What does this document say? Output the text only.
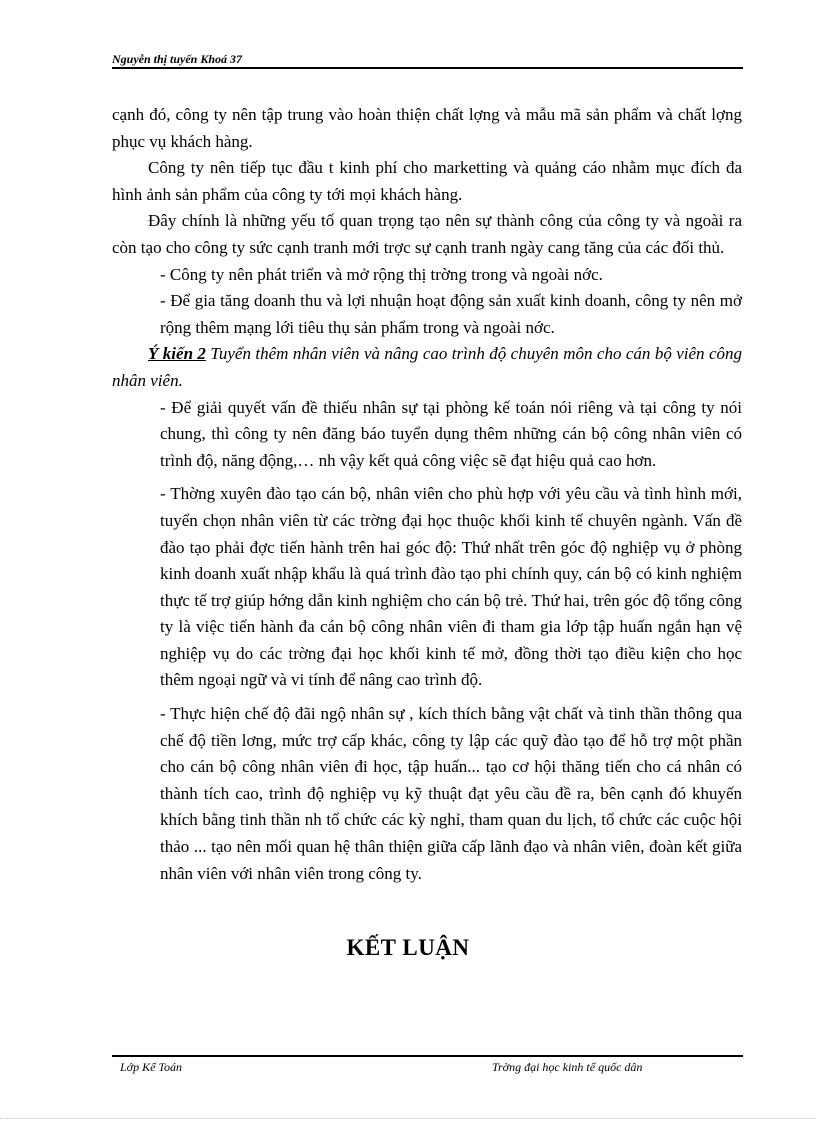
Nguyễn thị tuyến Khoá 37

cạnh đó, công ty nên tập trung vào hoàn thiện chất lợng và mẫu mã sản phẩm và chất lợng phục vụ khách hàng.

Công ty nên tiếp tục đầu t kinh phí cho marketting và quảng cáo nhằm mục đích đa hình ảnh sản phẩm của công ty tới mọi khách hàng.

Đây chính là những yếu tố quan trọng tạo nên sự thành công của công ty và ngoài ra còn tạo cho công ty sức cạnh tranh mới trợc sự cạnh tranh ngày cang tăng của các đối thủ.

- Công ty nên phát triển và mở rộng thị trờng trong và ngoài nớc.

- Để gia tăng doanh thu và lợi nhuận hoạt động sản xuất kinh doanh, công ty nên mở rộng thêm mạng lới tiêu thụ sản phẩm trong và ngoài nớc.

Ý kiến 2 Tuyển thêm nhân viên và nâng cao trình độ chuyên môn cho cán bộ viên công nhân viên.

- Để giải quyết vấn đề thiếu nhân sự tại phòng kế toán nói riêng và tại công ty nói chung, thì công ty nên đăng báo tuyển dụng thêm những cán bộ công nhân viên có trình độ, năng động,… nh vậy kết quả công việc sẽ đạt hiệu quả cao hơn.

- Thờng xuyên đào tạo cán bộ, nhân viên cho phù hợp với yêu cầu và tình hình mới, tuyển chọn nhân viên từ các trờng đại học thuộc khối kinh tế chuyên ngành. Vấn đề đào tạo phải đợc tiến hành trên hai góc độ: Thứ nhất trên góc độ nghiệp vụ ở phòng kinh doanh xuất nhập khẩu là quá trình đào tạo phi chính quy, cán bộ có kinh nghiệm thực tế trợ giúp hớng dẫn kinh nghiệm cho cán bộ trẻ. Thứ hai, trên góc độ tổng công ty là việc tiến hành đa cán bộ công nhân viên đi tham gia lớp tập huấn ngắn hạn vệ nghiệp vụ do các trờng đại học khối kinh tế mở, đồng thời tạo điều kiện cho học thêm ngoại ngữ và vi tính để nâng cao trình độ.

- Thực hiện chế độ đãi ngộ nhân sự , kích thích bằng vật chất và tinh thần thông qua chế độ tiền lơng, mức trợ cấp khác, công ty lập các quỹ đào tạo để hỗ trợ một phần cho cán bộ công nhân viên đi học, tập huấn... tạo cơ hội thăng tiến cho cá nhân có thành tích cao, trình độ nghiệp vụ kỹ thuật đạt yêu cầu đề ra, bên cạnh đó khuyến khích bằng tinh thần nh tổ chức các kỳ nghỉ, tham quan du lịch, tổ chức các cuộc hội thảo ... tạo nên mối quan hệ thân thiện giữa cấp lãnh đạo và nhân viên, đoàn kết giữa nhân viên với nhân viên trong công ty.

KẾT LUẬN
Lớp Kế Toán	Trờng đại học kinh tế quốc dân
